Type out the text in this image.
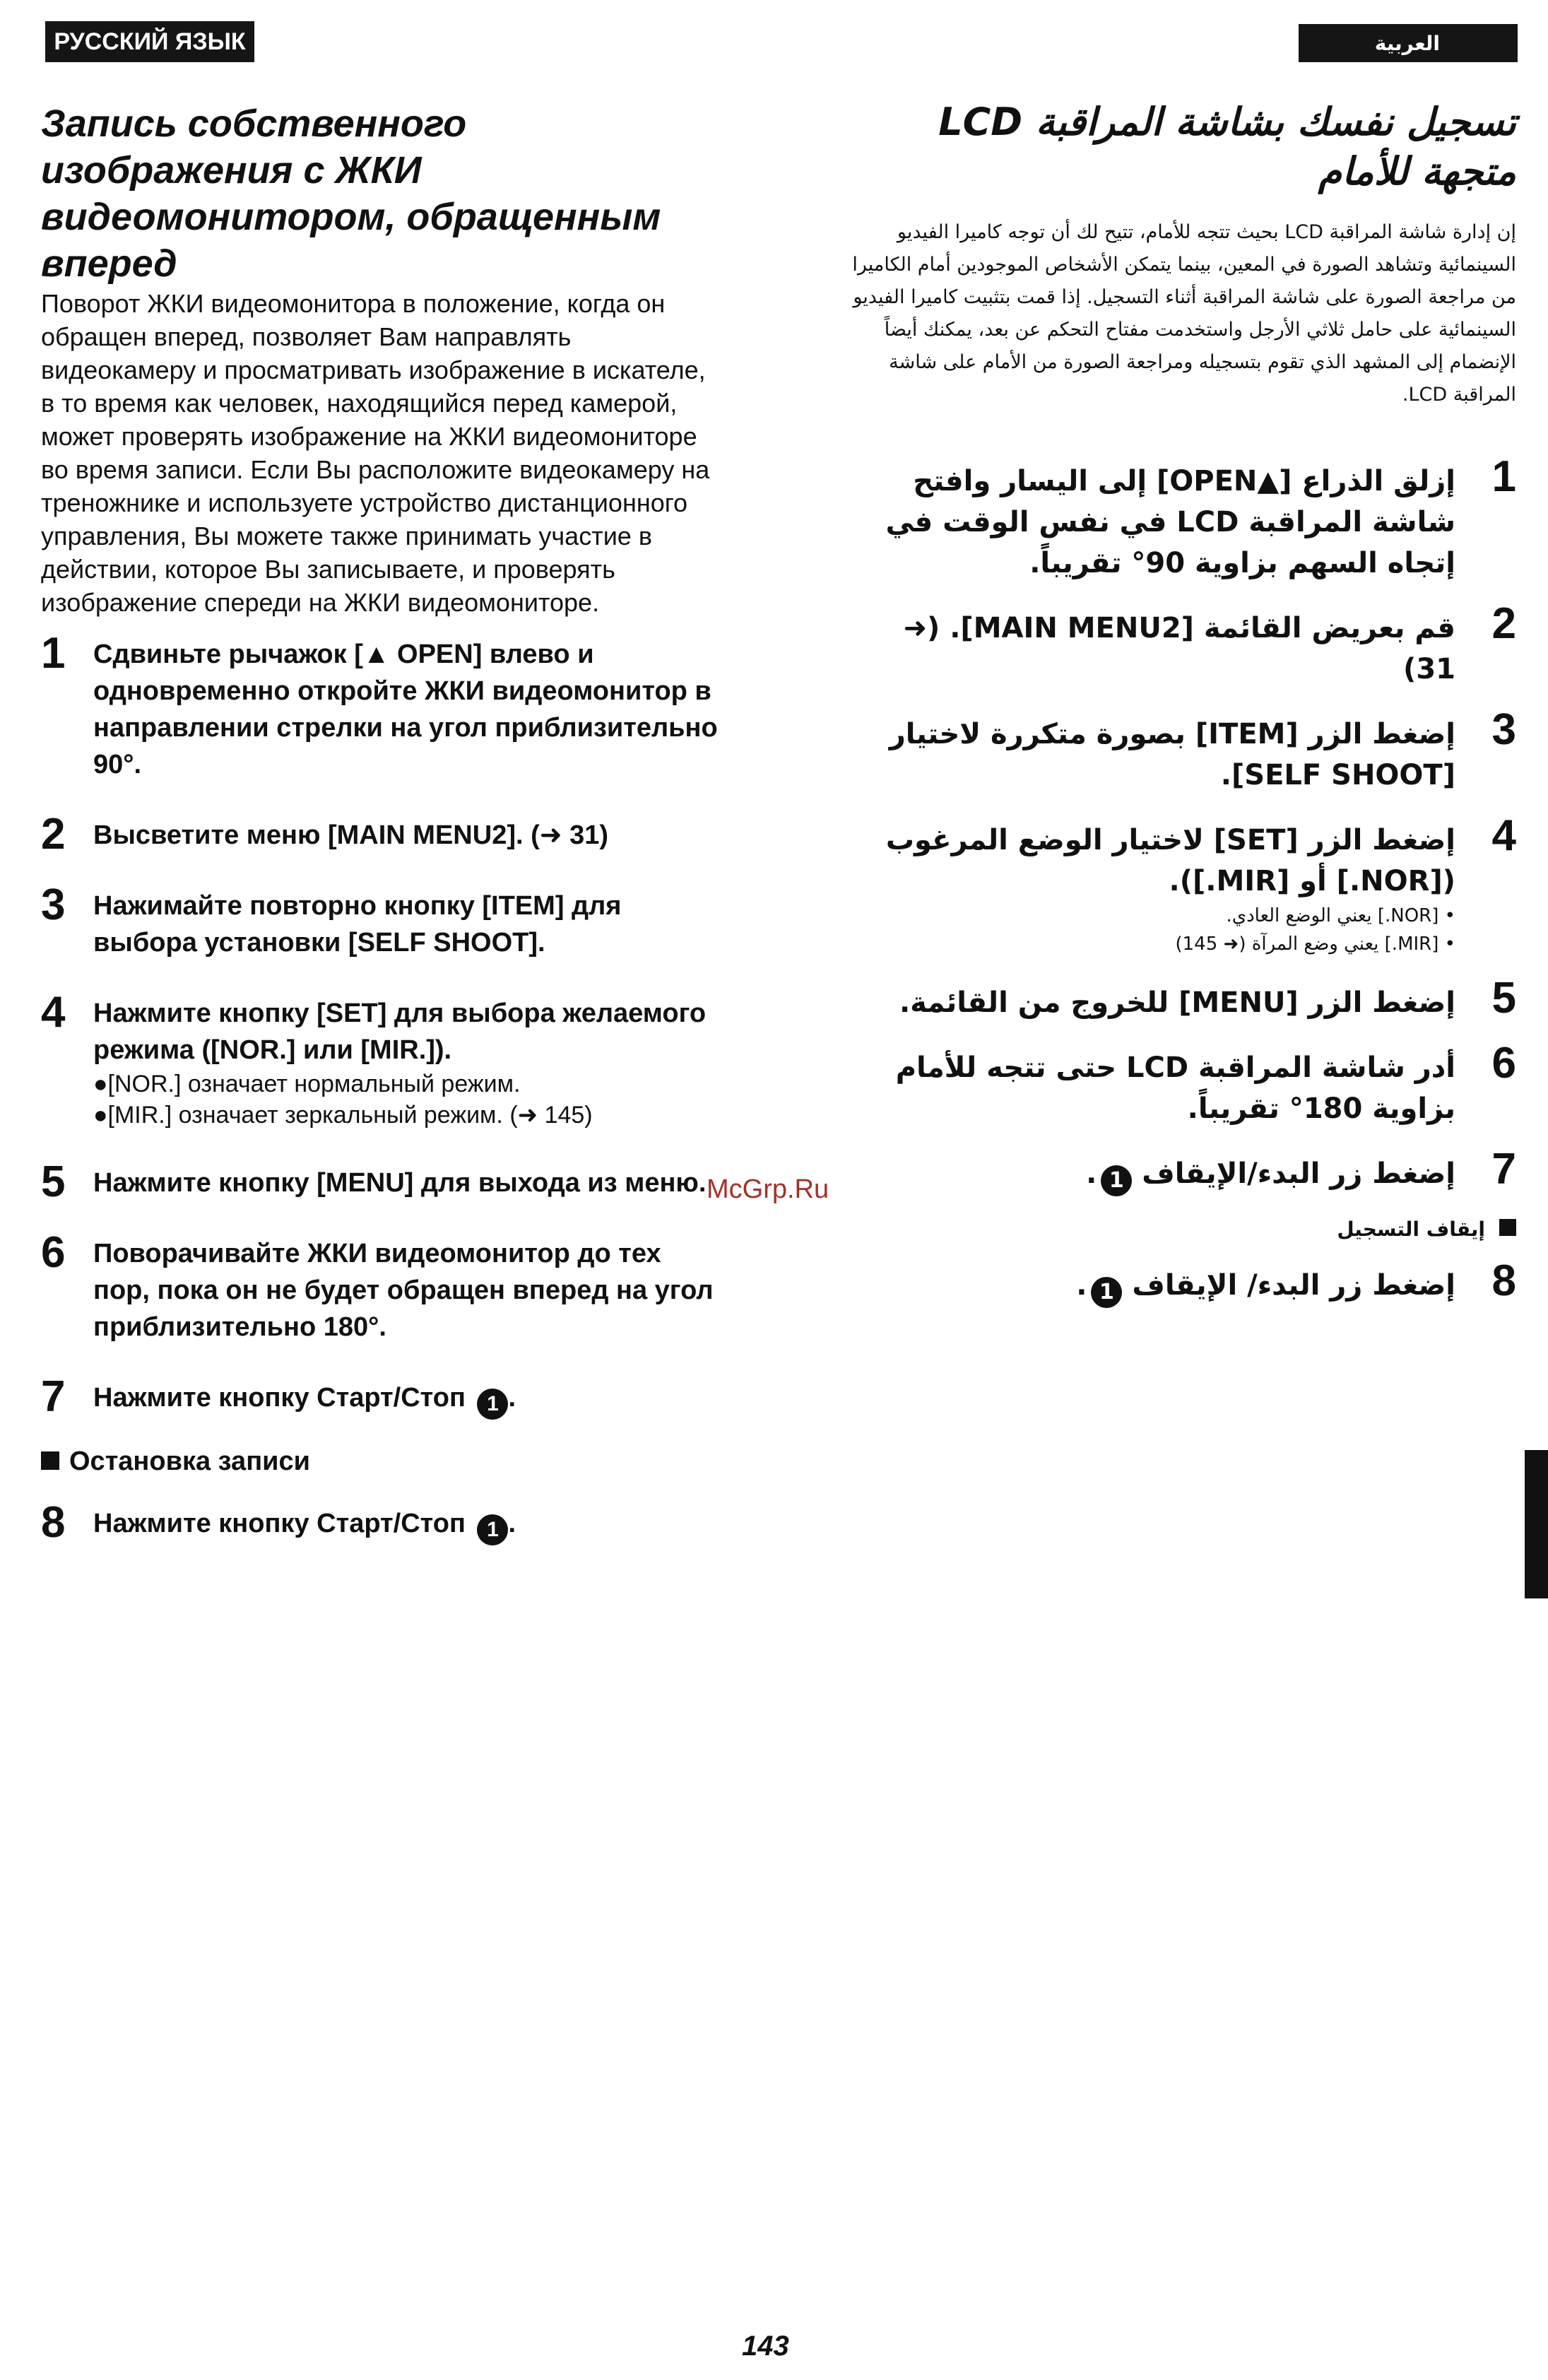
РУССКИЙ ЯЗЫК	العربية
Запись собственного изображения с ЖКИ видеомонитором, обращенным вперед

Поворот ЖКИ видеомонитора в положение, когда он обращен вперед, позволяет Вам направлять видеокамеру и просматривать изображение в искателе, в то время как человек, находящийся перед камерой, может проверять изображение на ЖКИ видеомониторе во время записи. Если Вы расположите видеокамеру на треножнике и используете устройство дистанционного управления, Вы можете также принимать участие в действии, которое Вы записываете, и проверять изображение спереди на ЖКИ видеомониторе.

1 Сдвиньте рычажок [▲ OPEN] влево и одновременно откройте ЖКИ видеомонитор в направлении стрелки на угол приблизительно 90°.
2 Высветите меню [MAIN MENU2]. (➜ 31)
3 Нажимайте повторно кнопку [ITEM] для выбора установки [SELF SHOOT].
4 Нажмите кнопку [SET] для выбора желаемого режима ([NOR.] или [MIR.]).
●[NOR.] означает нормальный режим.
●[MIR.] означает зеркальный режим. (➜ 145)
5 Нажмите кнопку [MENU] для выхода из меню.
6 Поворачивайте ЖКИ видеомонитор до тех пор, пока он не будет обращен вперед на угол приблизительно 180°.
7 Нажмите кнопку Старт/Стоп 1 .
Остановка записи
8 Нажмите кнопку Старт/Стоп 1 .
تسجيل نفسك بشاشة المراقبة LCD متجهة للأمام

إن إدارة شاشة المراقبة LCD بحيث تتجه للأمام، تتيح لك أن توجه كاميرا الفيديو السينمائية وتشاهد الصورة في المعين، بينما يتمكن الأشخاص الموجودين أمام الكاميرا من مراجعة الصورة على شاشة المراقبة أثناء التسجيل. إذا قمت بتثبيت كاميرا الفيديو السينمائية على حامل ثلاثي الأرجل واستخدمت مفتاح التحكم عن بعد، يمكنك أيضاً الإنضمام إلى المشهد الذي تقوم بتسجيله ومراجعة الصورة من الأمام على شاشة المراقبة LCD.

1
إزلق الذراع [▲OPEN] إلى اليسار وافتح شاشة المراقبة LCD في نفس الوقت في إتجاه السهم بزاوية 90° تقريباً.
2
قم بعريض القائمة [MAIN MENU2]. (➜ 31)
3
إضغط الزر [ITEM] بصورة متكررة لاختيار [SELF SHOOT].
4
إضغط الزر [SET] لاختيار الوضع المرغوب ([NOR.] أو [MIR.]).
• [NOR.] يعني الوضع العادي.
• [MIR.] يعني وضع المرآة (➜ 145)
5
إضغط الزر [MENU] للخروج من القائمة.
6
أدر شاشة المراقبة LCD حتى تتجه للأمام بزاوية 180° تقريباً.
7
إضغط زر البدء/الإيقاف 1.
إيقاف التسجيل
8
إضغط زر البدء/ الإيقاف 1.
McGrp.Ru
143
